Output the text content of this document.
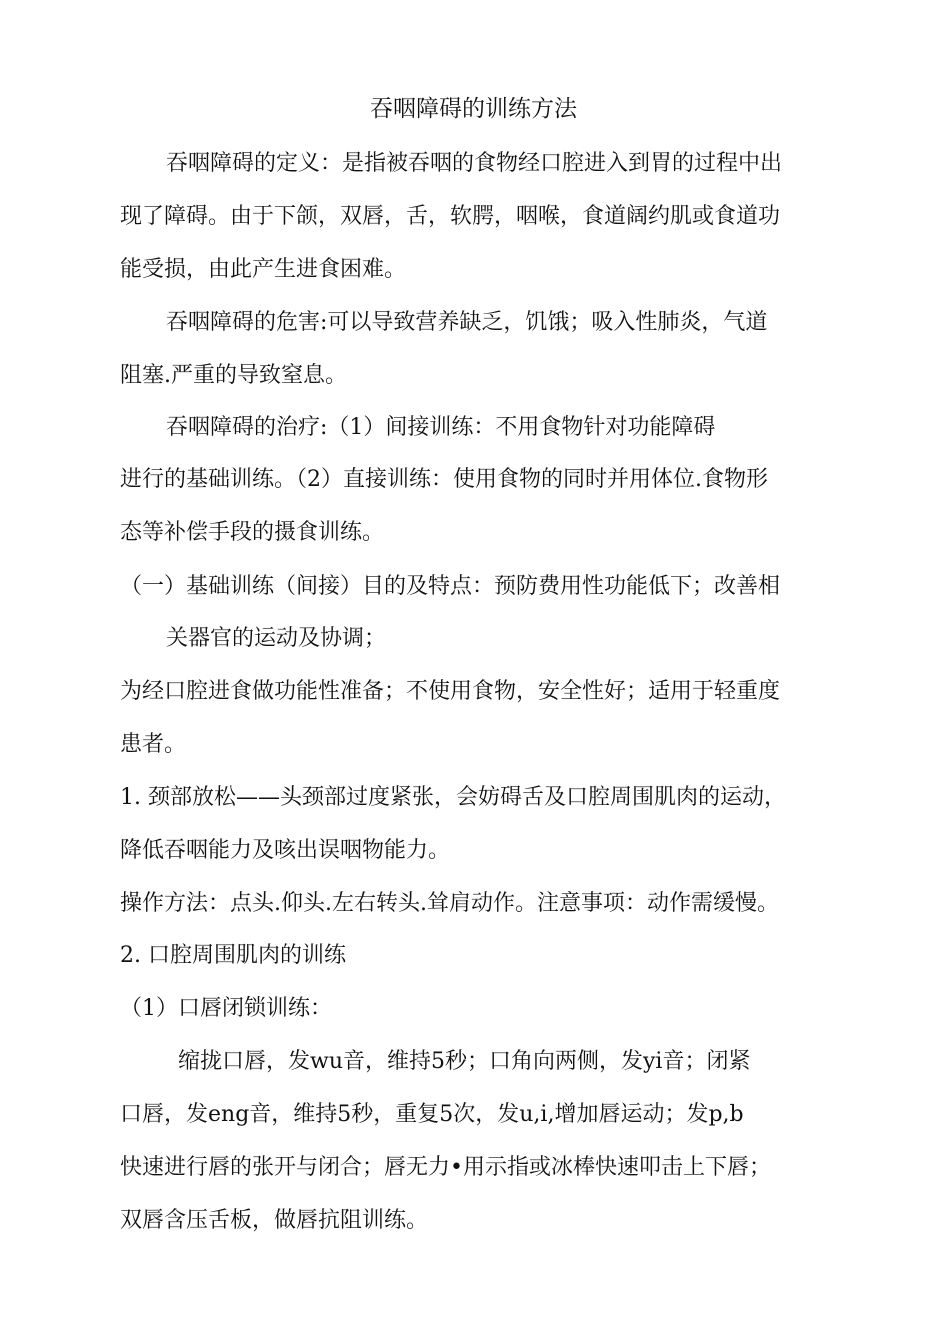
吞咽障碍的训练方法
吞咽障碍的定义：是指被吞咽的食物经口腔进入到胃的过程中出
现了障碍。由于下颌，双唇，舌，软腭，咽喉，食道阔约肌或食道功
能受损，由此产生进食困难。
吞咽障碍的危害:可以导致营养缺乏，饥饿；吸入性肺炎，气道
阻塞.严重的导致窒息。
吞咽障碍的治疗:（1）间接训练：不用食物针对功能障碍
进行的基础训练。（2）直接训练：使用食物的同时并用体位.食物形
态等补偿手段的摄食训练。
（一）基础训练（间接）目的及特点：预防费用性功能低下；改善相
关器官的运动及协调；
为经口腔进食做功能性准备；不使用食物，安全性好；适用于轻重度
患者。
1. 颈部放松——头颈部过度紧张，会妨碍舌及口腔周围肌肉的运动，
降低吞咽能力及咳出误咽物能力。
操作方法：点头.仰头.左右转头.耸肩动作。注意事项：动作需缓慢。
2. 口腔周围肌肉的训练
（1）口唇闭锁训练：
缩拢口唇，发wu音，维持5秒；口角向两侧，发yi音；闭紧
口唇，发eng音，维持5秒，重复5次，发u,i,增加唇运动；发p,b
快速进行唇的张开与闭合；唇无力•用示指或冰棒快速叩击上下唇；
双唇含压舌板，做唇抗阻训练。
